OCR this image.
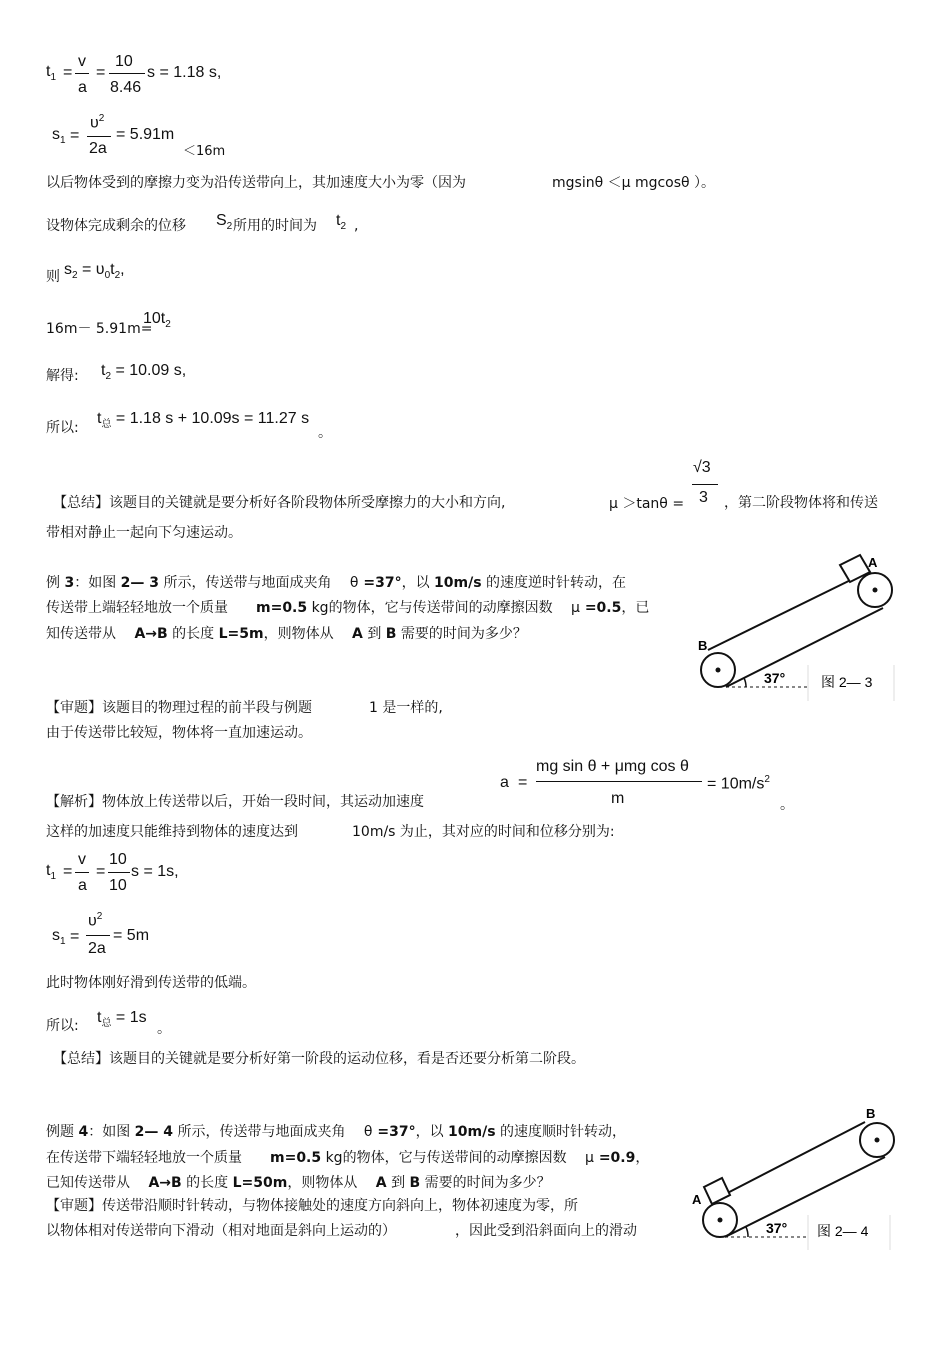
$t_1$ =
v
a
=
10
8.46
s = 1.18 s,
$s_1$ =
$\upsilon^2$
2a
= 5.91m
＜16m
以后物体受到的摩擦力变为沿传送带向上，其加速度大小为零（因为	mgsinθ ＜μ mgcosθ ）。
设物体完成剩余的位移 $S_2$ 所用的时间为 $t_2$ ,
则 $s_2 = \upsilon_0t_2$,
16m－ 5.91m=
$10t_2$
解得: $t_2 = 10.09$ s,
所以:
$t_总 = 1.18$ s + 10.09s = 11.27 s
。
【总结】该题目的关键就是要分析好各阶段物体所受摩擦力的大小和方向,	μ ＞tanθ =
√3
3 ，第二阶段物体将和传送
带相对静止一起向下匀速运动。
例 3：如图 2— 3 所示，传送带与地面成夹角　 θ =37°，以 10m/s 的速度逆时针转动，在
传送带上端轻轻地放一个质量　　 m=0.5 kg的物体，它与传送带间的动摩擦因数　 μ =0.5，已
知传送带从　 A→B 的长度 L=5m，则物体从　 A 到 B 需要的时间为多少？
B
A
37°	图 2— 3
【审题】该题目的物理过程的前半段与例题	1 是一样的,
由于传送带比较短，物体将一直加速运动。
【解析】物体放上传送带以后，开始一段时间，其运动加速度
a =
mg sin θ + μmg cos θ
m
= $10m/s^2$
。
这样的加速度只能维持到物体的速度达到	10m/s 为止，其对应的时间和位移分别为:
$t_1$ =
v
a
=
10
10
s = 1s,
$s_1$ =
$\upsilon^2$
2a
= 5m
此时物体刚好滑到传送带的低端。
所以: $t_总 = 1s$
。
【总结】该题目的关键就是要分析好第一阶段的运动位移，看是否还要分析第二阶段。
例题 4：如图 2— 4 所示，传送带与地面成夹角　 θ =37°，以 10m/s 的速度顺时针转动，
在传送带下端轻轻地放一个质量　　 m=0.5 kg的物体，它与传送带间的动摩擦因数　 μ =0.9，
已知传送带从　 A→B 的长度 L=50m，则物体从　 A 到 B 需要的时间为多少？
【审题】传送带沿顺时针转动，与物体接触处的速度方向斜向上，物体初速度为零，所
以物体相对传送带向下滑动（相对地面是斜向上运动的）	，因此受到沿斜面向上的滑动
A
B
37° 图 2— 4
